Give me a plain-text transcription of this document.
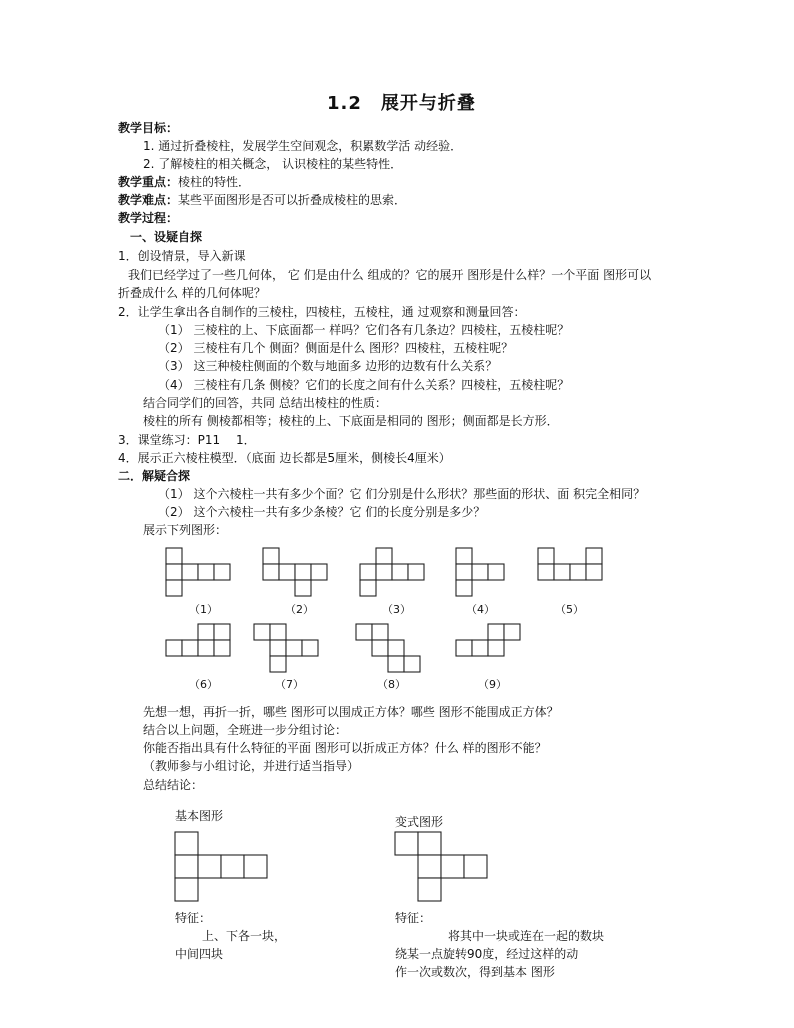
1.2　展开与折叠
教学目标：
1. 通过折叠棱柱，发展学生空间观念，积累数学活 动经验．
2. 了解棱柱的相关概念， 认识棱柱的某些特性．
教学重点：棱柱的特性．
教学难点：某些平面图形是否可以折叠成棱柱的思索．
教学过程：
一、设疑自探
1．创设情景，导入新课
我们已经学过了一些几何体， 它 们是由什么 组成的？它的展开 图形是什么样？一个平面 图形可以
折叠成什么 样的几何体呢？
2．让学生拿出各自制作的三棱柱，四棱柱，五棱柱，通 过观察和测量回答：
（1） 三棱柱的上、下底面都一 样吗？它们各有几条边？四棱柱，五棱柱呢？
（2） 三棱柱有几个 侧面？侧面是什么 图形？四棱柱，五棱柱呢？
（3） 这三种棱柱侧面的个数与地面多 边形的边数有什么关系？
（4） 三棱柱有几条 侧棱？它们的长度之间有什么关系？四棱柱，五棱柱呢？
结合同学们的回答，共同 总结出棱柱的性质：
棱柱的所有 侧棱都相等；棱柱的上、下底面是相同的 图形；侧面都是长方形．
3．课堂练习：P11　 1．
4．展示正六棱柱模型．（底面 边长都是5厘米，侧棱长4厘米）
二．解疑合探
（1） 这个六棱柱一共有多少个面？它 们分别是什么形状？那些面的形状、面 积完全相同？
（2） 这个六棱柱一共有多少条棱？它 们的长度分别是多少？
展示下列图形：
（1）	（2）	（3）	（4）	（5）
（6）	（7）	（8）	（9）
先想一想，再折一折，哪些 图形可以围成正方体？哪些 图形不能围成正方体？
结合以上问题，全班进一步分组讨论：
你能否指出具有什么特征的平面 图形可以折成正方体？什么 样的图形不能？
（教师参与小组讨论，并进行适当指导）
总结结论：
基本图形
特征：
上、下各一块，
中间四块
变式图形
特征：
将其中一块或连在一起的数块
绕某一点旋转90度，经过这样的动
作一次或数次，得到基本 图形
